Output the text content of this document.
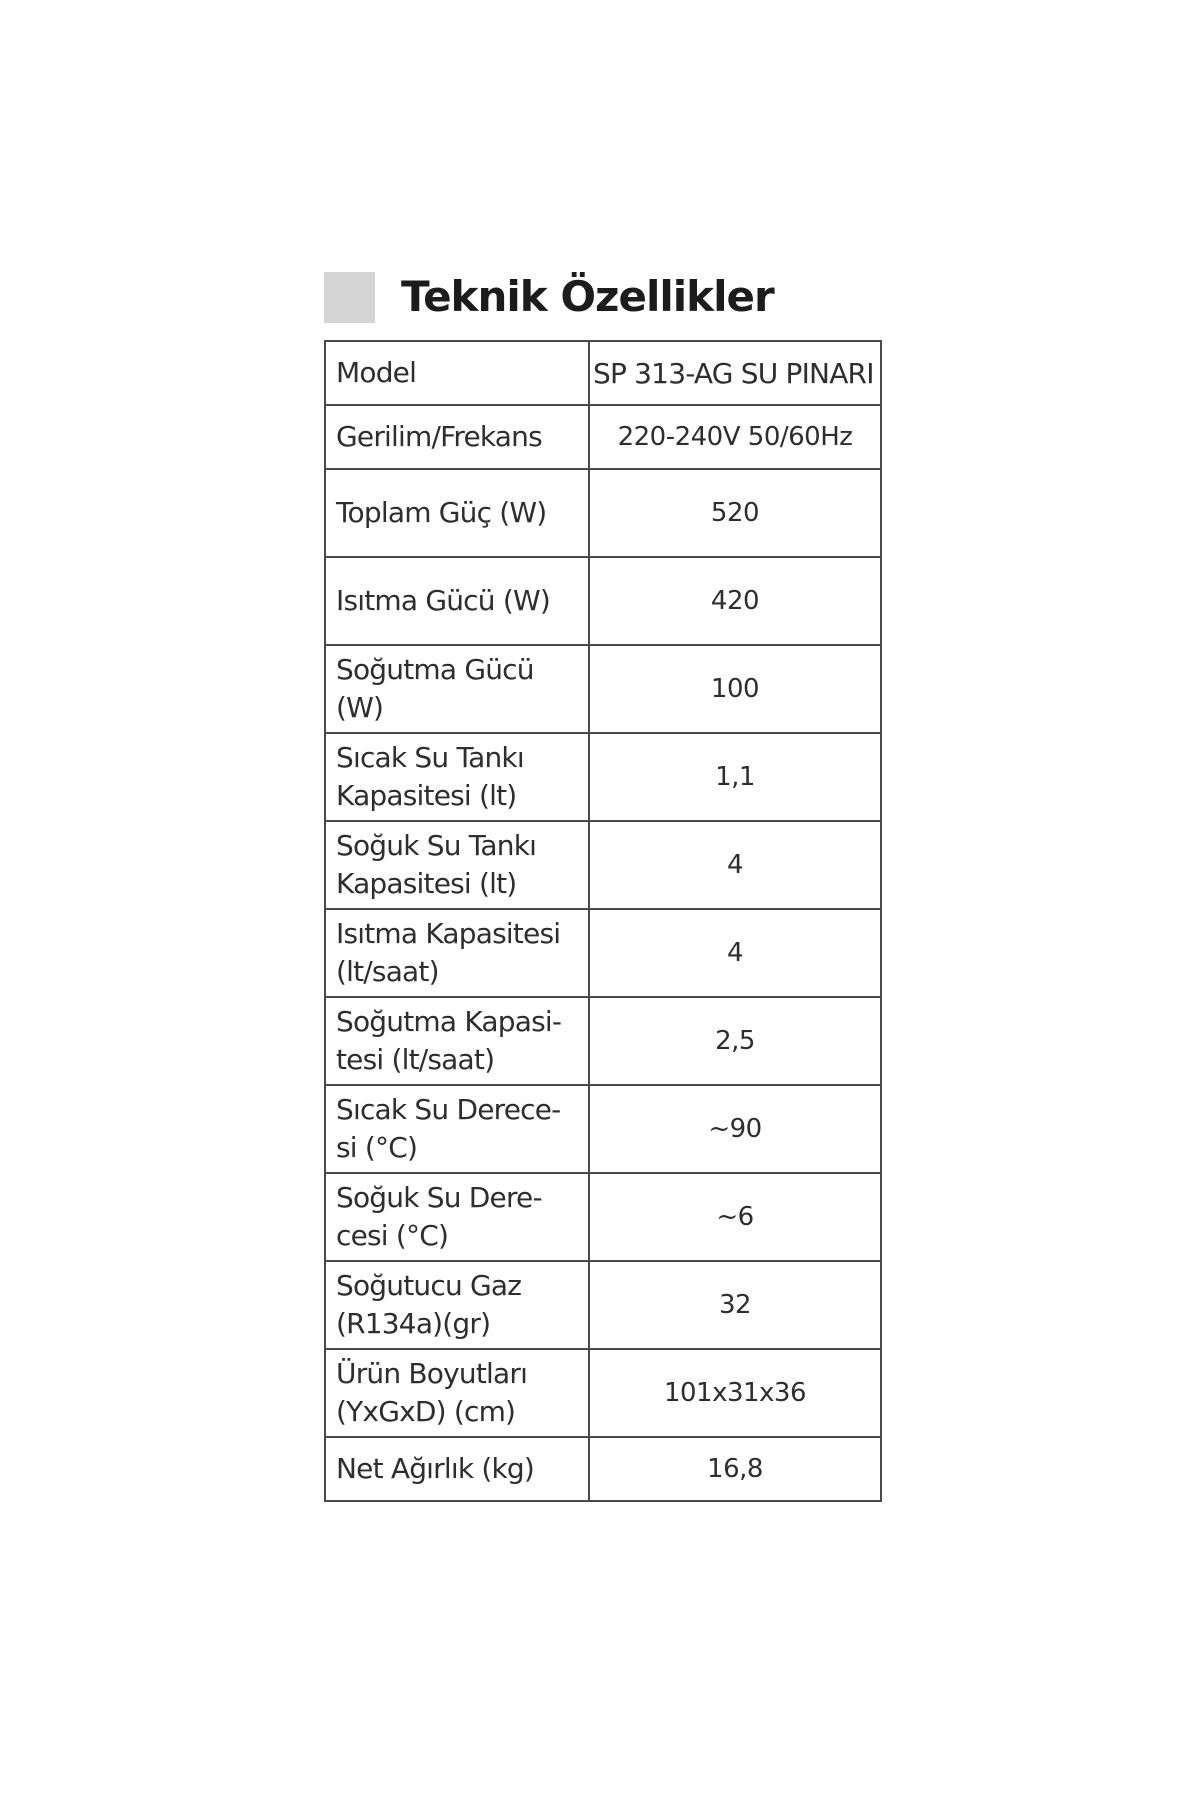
Teknik Özellikler
Model	SP 313-AG SU PINARI
Gerilim/Frekans	220-240V 50/60Hz
Toplam Güç (W)	520
Isıtma Gücü (W)	420
Soğutma Gücü (W)	100
Sıcak Su Tankı Kapasitesi (lt)	1,1
Soğuk Su Tankı Kapasitesi (lt)	4
Isıtma Kapasitesi (lt/saat)	4
Soğutma Kapasi-tesi (lt/saat)	2,5
Sıcak Su Derece-si (°C)	~90
Soğuk Su Dere-cesi (°C)	~6
Soğutucu Gaz (R134a)(gr)	32
Ürün Boyutları (YxGxD) (cm)	101x31x36
Net Ağırlık (kg)	16,8
